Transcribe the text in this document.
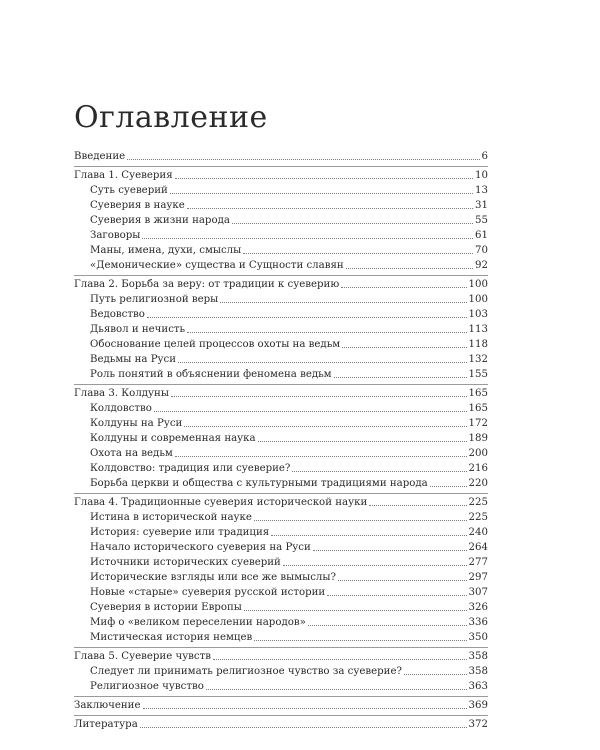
Оглавление
Введение	6
Глава 1. Суеверия	10
Суть суеверий	13
Суеверия в науке	31
Суеверия в жизни народа	55
Заговоры	61
Маны, имена, духи, смыслы	70
«Демонические» существа и Сущности славян	92
Глава 2. Борьба за веру: от традиции к суеверию	100
Путь религиозной веры	100
Ведовство	103
Дьявол и нечисть	113
Обоснование целей процессов охоты на ведьм	118
Ведьмы на Руси	132
Роль понятий в объяснении феномена ведьм	155
Глава 3. Колдуны	165
Колдовство	165
Колдуны на Руси	172
Колдуны и современная наука	189
Охота на ведьм	200
Колдовство: традиция или суеверие?	216
Борьба церкви и общества с культурными традициями народа	220
Глава 4. Традиционные суеверия исторической науки	225
Истина в исторической науке	225
История: суеверие или традиция	240
Начало исторического суеверия на Руси	264
Источники исторических суеверий	277
Исторические взгляды или все же вымыслы?	297
Новые «старые» суеверия русской истории	307
Суеверия в истории Европы	326
Миф о «великом переселении народов»	336
Мистическая история немцев	350
Глава 5. Суеверие чувств	358
Следует ли принимать религиозное чувство за суеверие?	358
Религиозное чувство	363
Заключение	369
Литература	372
